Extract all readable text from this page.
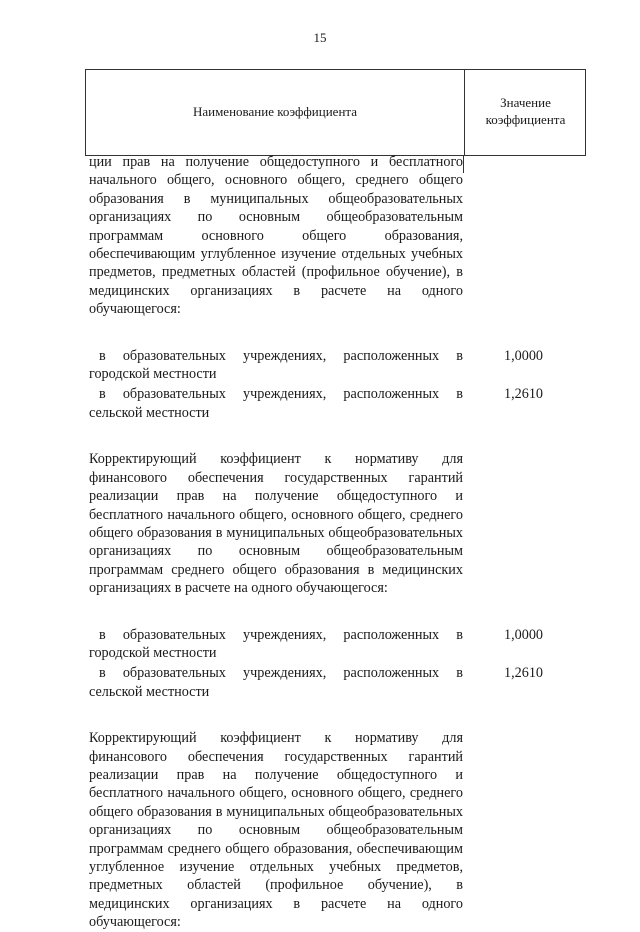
15
Наименование коэффициента
Значение
коэффициента

ции прав на получение общедоступного и бесплатного начального общего, основного общего, среднего общего образования в муниципальных общеобразовательных организациях по основным общеобразовательным программам основного общего образования, обеспечивающим углубленное изучение отдельных учебных предметов, предметных областей (профильное обучение), в медицинских организациях в расчете на одного обучающегося:

в образовательных учреждениях, расположенных в городской местности
1,0000
в образовательных учреждениях, расположенных в сельской местности
1,2610

Корректирующий коэффициент к нормативу для финансового обеспечения государственных гарантий реализации прав на получение общедоступного и бесплатного начального общего, основного общего, среднего общего образования в муниципальных общеобразовательных организациях по основным общеобразовательным программам среднего общего образования в медицинских организациях в расчете на одного обучающегося:

в образовательных учреждениях, расположенных в городской местности
1,0000
в образовательных учреждениях, расположенных в сельской местности
1,2610

Корректирующий коэффициент к нормативу для финансового обеспечения государственных гарантий реализации прав на получение общедоступного и бесплатного начального общего, основного общего, среднего общего образования в муниципальных общеобразовательных организациях по основным общеобразовательным программам среднего общего образования, обеспечивающим углубленное изучение отдельных учебных предметов, предметных областей (профильное обучение), в медицинских организациях в расчете на одного обучающегося:
